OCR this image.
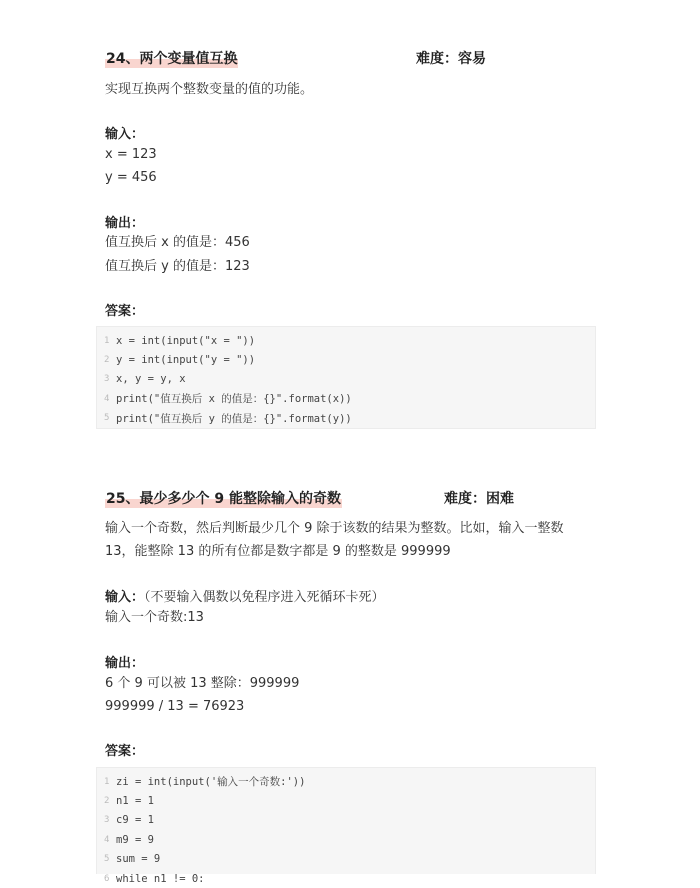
24、两个变量值互换	难度：容易
实现互换两个整数变量的值的功能。
输入：
x = 123
y = 456
输出：
值互换后 x 的值是：456
值互换后 y 的值是：123
答案：
1 x = int(input("x = "))
2 y = int(input("y = "))
3 x, y = y, x
4 print("值互换后 x 的值是：{}".format(x))
5 print("值互换后 y 的值是：{}".format(y))
25、最少多少个 9 能整除输入的奇数	难度：困难
输入一个奇数，然后判断最少几个 9 除于该数的结果为整数。比如，输入一整数
13，能整除 13 的所有位都是数字都是 9 的整数是 999999
输入：（不要输入偶数以免程序进入死循环卡死）
输入一个奇数:13
输出：
6 个 9 可以被 13 整除：999999
999999 / 13 = 76923
答案：
1 zi = int(input('输入一个奇数:'))
2 n1 = 1
3 c9 = 1
4 m9 = 9
5 sum = 9
6 while n1 != 0:
